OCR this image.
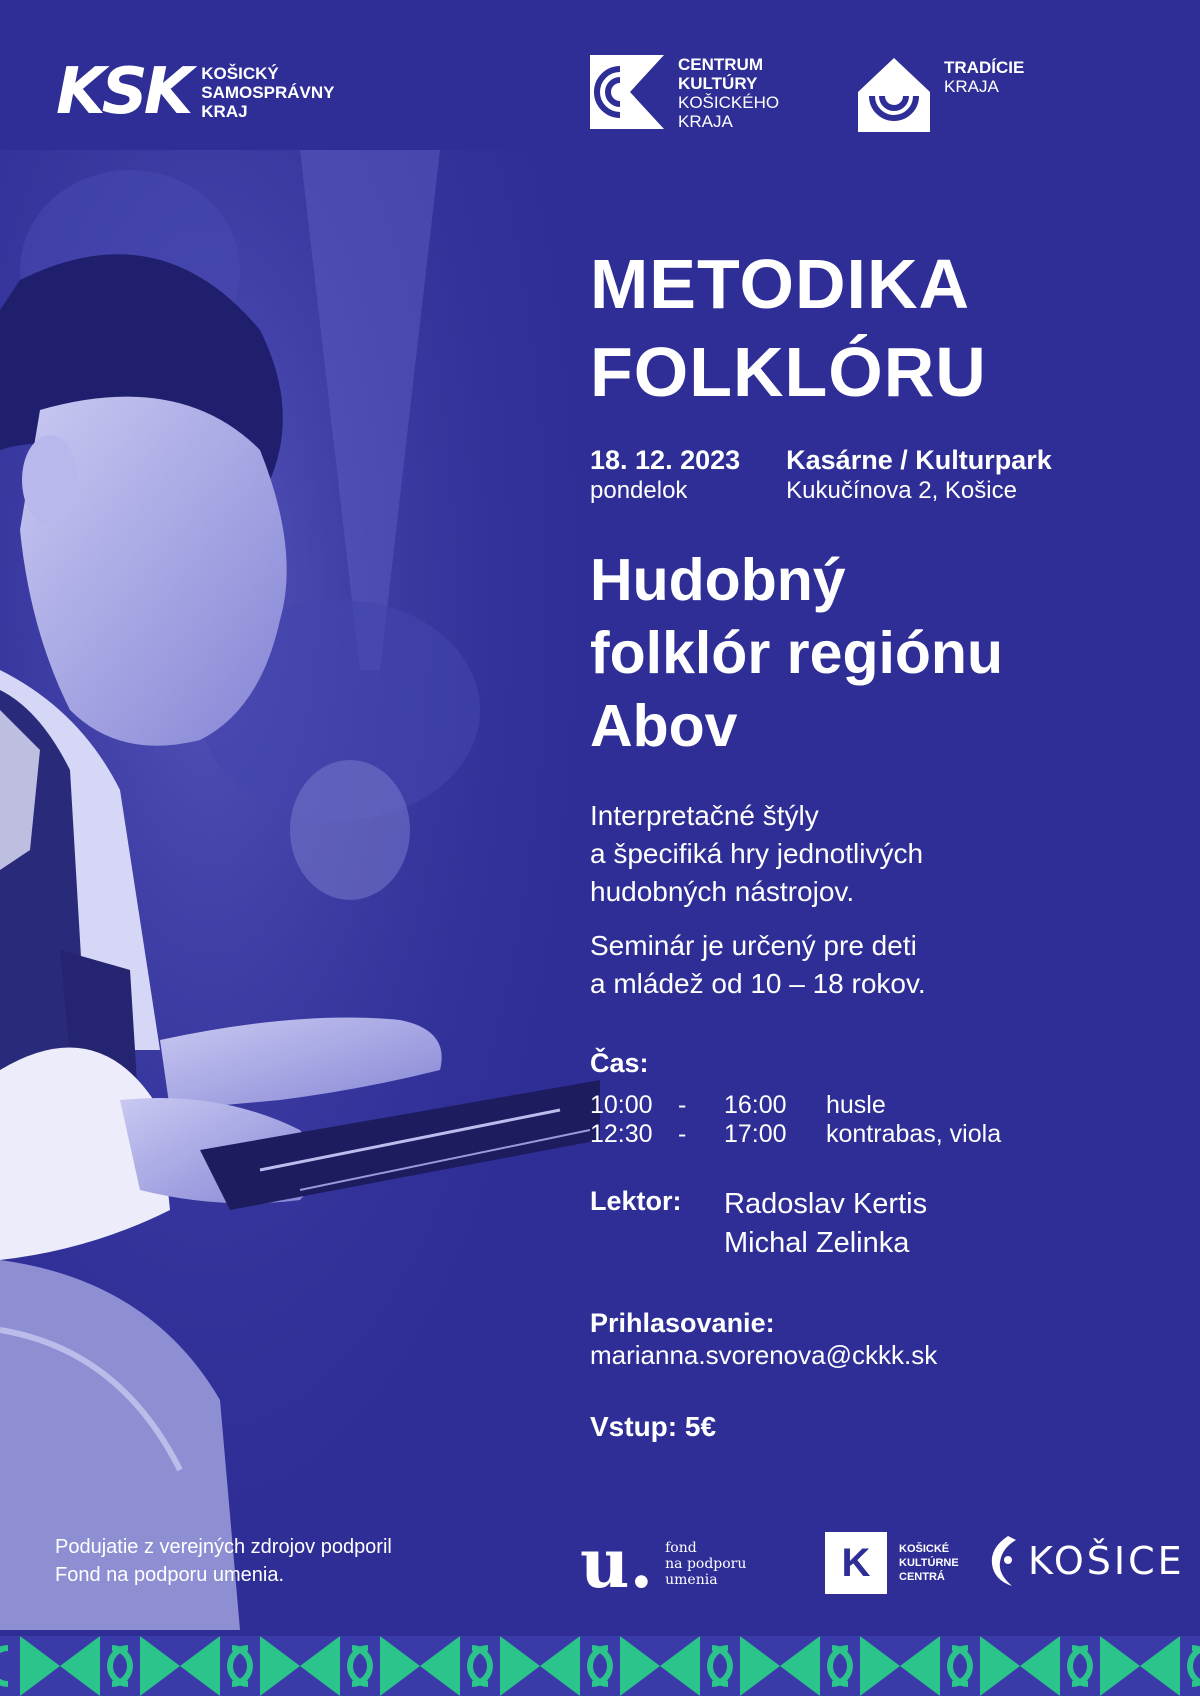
KSK KOŠICKÝ
SAMOSPRÁVNY
KRAJ
CENTRUM
KULTÚRY
KOŠICKÉHO
KRAJA
TRADÍCIE
KRAJA
METODIKA
FOLKLÓRU
18. 12. 2023
pondelok
Kasárne / Kulturpark
Kukučínova 2, Košice
Hudobný
folklór regiónu
Abov
Interpretačné štýly
a špecifiká hry jednotlivých
hudobných nástrojov.
Seminár je určený pre deti
a mládež od 10 – 18 rokov.
Čas:
10:00	-	16:00	husle
12:30	-	17:00	kontrabas, viola
Lektor:	Radoslav Kertis
Michal Zelinka
Prihlasovanie:
marianna.svorenova@ckkk.sk
Vstup: 5€
Podujatie z verejných zdrojov podporil
Fond na podporu umenia.	u. fond
na podporu
umenia	K	KOŠICKÉ
KULTÚRNE
CENTRÁ	KOŠICE
